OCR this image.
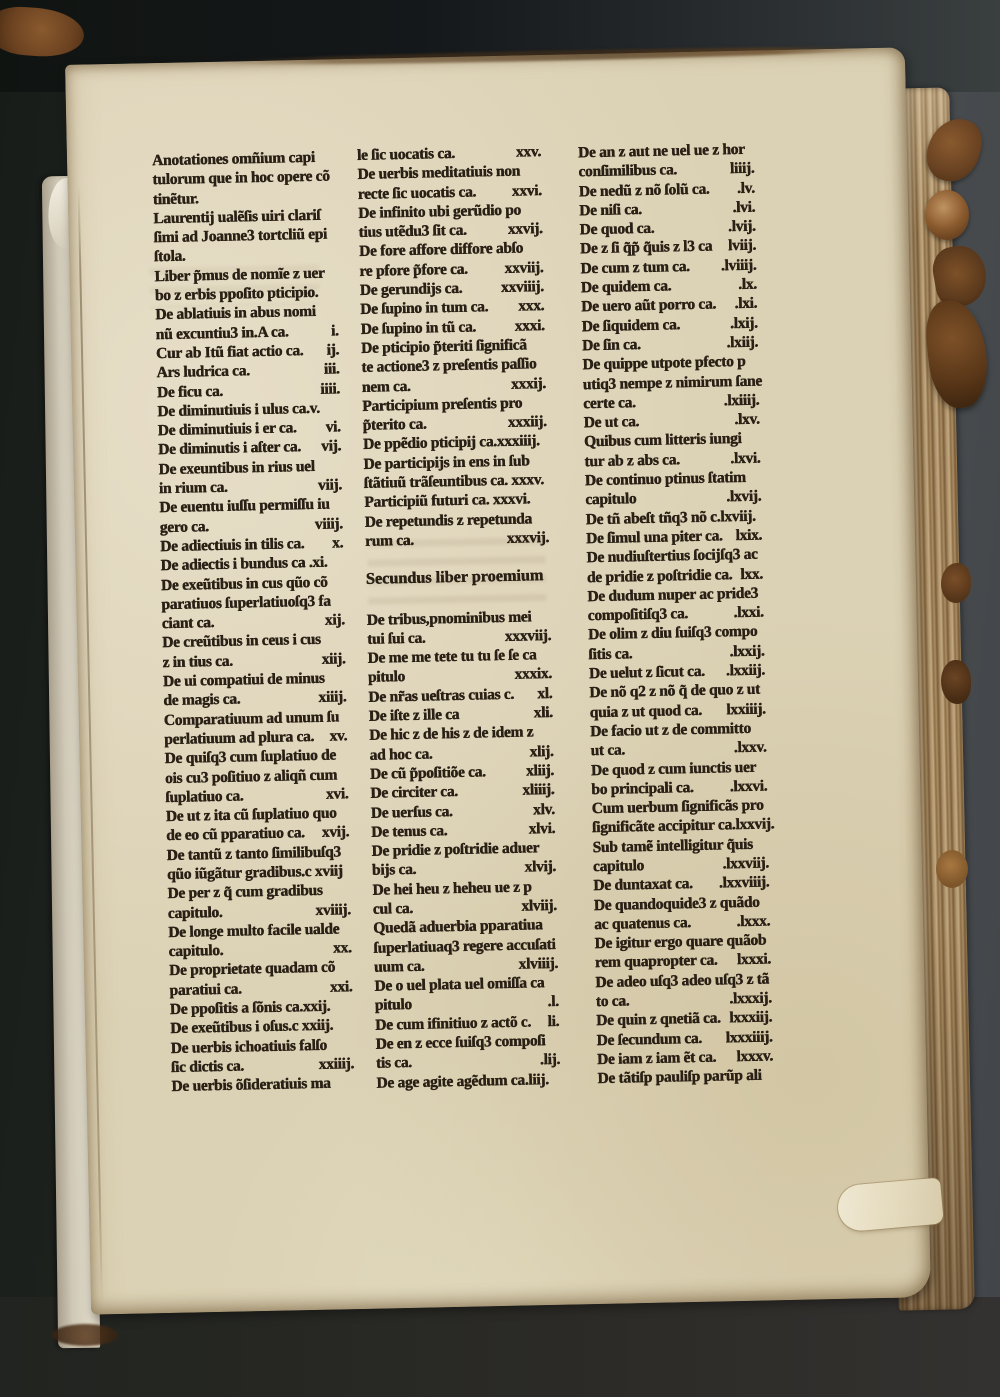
Anotationes omñium capi
tulorum que in hoc opere cõ
tinẽtur.
Laurentij ualẽſis uiri clariſ
ſimi ad Joanne3 tortcliũ epi
ſtola.
Liber p̃mus de nomĩe z uer
bo z erbis ppoſito pticipio.
De ablatiuis in abus nomi
nũ excuntiu3 in.A ca.	i.
Cur ab Itũ fiat actio ca. ij.
Ars ludrica ca.	iii.
De ficu ca.	iiii.
De diminutiuis i ulus ca.v.
De diminutiuis i er ca. vi.
De diminutis i aſter ca. vij.
De exeuntibus in rius uel
in rium ca.	viij.
De euentu iuſſu permiſſu iu
gero ca.	viiij.
De adiectiuis in tilis ca. x.
De adiectis i bundus ca .xi.
De exeũtibus in cus qũo cõ
paratiuos ſuperlatiuoſq3 fa
ciant ca.	xij.
De creũtibus in ceus i cus
z in tius ca.	xiij.
De ui compatiui de minus
de magis ca.	xiiij.
Comparatiuum ad unum ſu
perlatiuum ad plura ca. xv.
De quiſq3 cum ſuplatiuo de
ois cu3 poſitiuo z aliqñ cum
ſuplatiuo ca.	xvi.
De ut z ita cũ ſuplatiuo quo
de eo cũ pparatiuo ca. xvij.
De tantũ z tanto ſimilibuſq3
qũo iũgãtur gradibus.c xviij
De per z q̃ cum gradibus
capitulo.	xviiij.
De longe multo facile ualde
capitulo.	xx.
De proprietate quadam cõ
paratiui ca.	xxi.
De ppoſitis a ſõnis ca.xxij.
De exeũtibus i oſus.c xxiij.
De uerbis ichoatiuis falſo
ſic dictis ca.	xxiiij.
De uerbis õſideratiuis ma
le ſic uocatis ca.	xxv.
De uerbis meditatiuis non
recte ſic uocatis ca. xxvi.
De infinito ubi gerũdio po
tius utẽdu3 ſit ca.	xxvij.
De fore affore diffore abſo
re pfore p̃fore ca. xxviij.
De gerundijs ca. xxviiij.
De ſupino in tum ca. xxx.
De ſupino in tũ ca. xxxi.
De pticipio p̃teriti ſignificã
te actione3 z preſentis paſſio
nem ca.	xxxij.
Participium preſentis pro
p̃terito ca.	xxxiij.
De ppẽdio pticipij ca.xxxiiij.
De participijs in ens in ſub
ſtãtiuũ trãſeuntibus ca. xxxv.
Participiũ futuri ca. xxxvi.
De repetundis z repetunda
rum ca.	xxxvij.
Secundus liber proemium
De tribus,pnominibus mei
tui ſui ca.	xxxviij.
De me me tete tu tu ſe ſe ca
pitulo	xxxix.
De nr̃as ueſtras cuias c. xl.
De iſte z ille ca	xli.
De hic z de his z de idem z
ad hoc ca.	xlij.
De cũ p̃poſitiõe ca.	xliij.
De circiter ca.	xliiij.
De uerſus ca.	xlv.
De tenus ca.	xlvi.
De pridie z poſtridie aduer
bijs ca.	xlvij.
De hei heu z heheu ue z p
cul ca.	xlviij.
Quedã aduerbia pparatiua
ſuperlatiuaq3 regere accuſati
uum ca.	xlviiij.
De o uel plata uel omiſſa ca
pitulo	.l.
De cum ifinitiuo z actõ c. li.
De en z ecce ſuiſq3 compoſi
tis ca.	.lij.
De age agite agẽdum ca.liij.
De an z aut ne uel ue z hor
conſimilibus ca.	liiij.
De nedũ z nõ ſolũ ca. .lv.
De niſi ca.	.lvi.
De quod ca.	.lvij.
De z ſi q̃p̃ q̃uis z l3 ca lviij.
De cum z tum ca. .lviiij.
De quidem ca.	.lx.
De uero aũt porro ca. .lxi.
De ſiquidem ca.	.lxij.
De ſin ca.	.lxiij.
De quippe utpote pfecto p
utiq3 nempe z nimirum ſane
certe ca.	.lxiiij.
De ut ca.	.lxv.
Quibus cum litteris iungi
tur ab z abs ca.	.lxvi.
De continuo ptinus ſtatim
capitulo	.lxvij.
De tñ abeſt tñq3 nõ c.lxviij.
De ſimul una piter ca. lxix.
De nudiuſtertius ſocijſq3 ac
de pridie z poſtridie ca. lxx.
De dudum nuper ac pride3
compoſitiſq3 ca.	.lxxi.
De olim z diu ſuiſq3 compo
ſitis ca.	.lxxij.
De uelut z ſicut ca. .lxxiij.
De nõ q2 z nõ q̃ de quo z ut
quia z ut quod ca. lxxiiij.
De facio ut z de committo
ut ca.	.lxxv.
De quod z cum iunctis uer
bo principali ca. .lxxvi.
Cum uerbum ſignificãs pro
ſignificãte accipitur ca.lxxvij.
Sub tamẽ intelligitur q̃uis
capitulo	.lxxviij.
De duntaxat ca. .lxxviiij.
De quandoquide3 z quãdo
ac quatenus ca.	.lxxx.
De igitur ergo quare quãob
rem quapropter ca. lxxxi.
De adeo uſq3 adeo uſq3 z tã
to ca.	.lxxxij.
De quin z qnetiã ca. lxxxiij.
De ſecundum ca. lxxxiiij.
De iam z iam ẽt ca. lxxxv.
De tãtiſp pauliſp parũp ali
